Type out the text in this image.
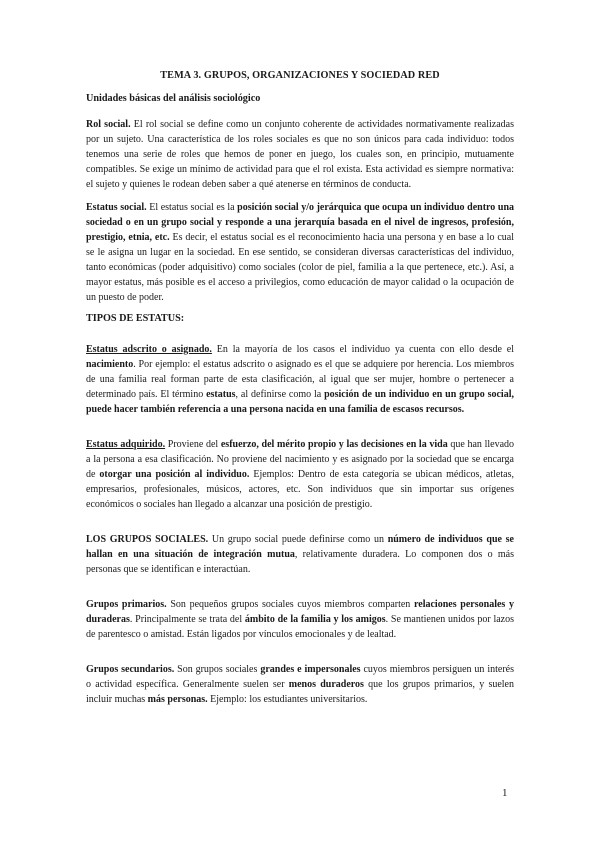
TEMA 3. GRUPOS, ORGANIZACIONES Y SOCIEDAD RED
Unidades básicas del análisis sociológico

Rol social. El rol social se define como un conjunto coherente de actividades normativamente realizadas por un sujeto. Una característica de los roles sociales es que no son únicos para cada individuo: todos tenemos una serie de roles que hemos de poner en juego, los cuales son, en principio, mutuamente compatibles. Se exige un mínimo de actividad para que el rol exista. Esta actividad es siempre normativa: el sujeto y quienes le rodean deben saber a qué atenerse en términos de conducta.

Estatus social. El estatus social es la posición social y/o jerárquica que ocupa un individuo dentro una sociedad o en un grupo social y responde a una jerarquía basada en el nivel de ingresos, profesión, prestigio, etnia, etc. Es decir, el estatus social es el reconocimiento hacia una persona y en base a lo cual se le asigna un lugar en la sociedad. En ese sentido, se consideran diversas características del individuo, tanto económicas (poder adquisitivo) como sociales (color de piel, familia a la que pertenece, etc.). Así, a mayor estatus, más posible es el acceso a privilegios, como educación de mayor calidad o la ocupación de un puesto de poder.

TIPOS DE ESTATUS:

Estatus adscrito o asignado. En la mayoría de los casos el individuo ya cuenta con ello desde el nacimiento. Por ejemplo: el estatus adscrito o asignado es el que se adquiere por herencia. Los miembros de una familia real forman parte de esta clasificación, al igual que ser mujer, hombre o pertenecer a determinado país. El término estatus, al definirse como la posición de un individuo en un grupo social, puede hacer también referencia a una persona nacida en una familia de escasos recursos.

Estatus adquirido. Proviene del esfuerzo, del mérito propio y las decisiones en la vida que han llevado a la persona a esa clasificación. No proviene del nacimiento y es asignado por la sociedad que se encarga de otorgar una posición al individuo. Ejemplos: Dentro de esta categoría se ubican médicos, atletas, empresarios, profesionales, músicos, actores, etc. Son individuos que sin importar sus orígenes económicos o sociales han llegado a alcanzar una posición de prestigio.

LOS GRUPOS SOCIALES. Un grupo social puede definirse como un número de individuos que se hallan en una situación de integración mutua, relativamente duradera. Lo componen dos o más personas que se identifican e interactúan.

Grupos primarios. Son pequeños grupos sociales cuyos miembros comparten relaciones personales y duraderas. Principalmente se trata del ámbito de la familia y los amigos. Se mantienen unidos por lazos de parentesco o amistad. Están ligados por vínculos emocionales y de lealtad.

Grupos secundarios. Son grupos sociales grandes e impersonales cuyos miembros persiguen un interés o actividad específica. Generalmente suelen ser menos duraderos que los grupos primarios, y suelen incluir muchas más personas. Ejemplo: los estudiantes universitarios.

1
